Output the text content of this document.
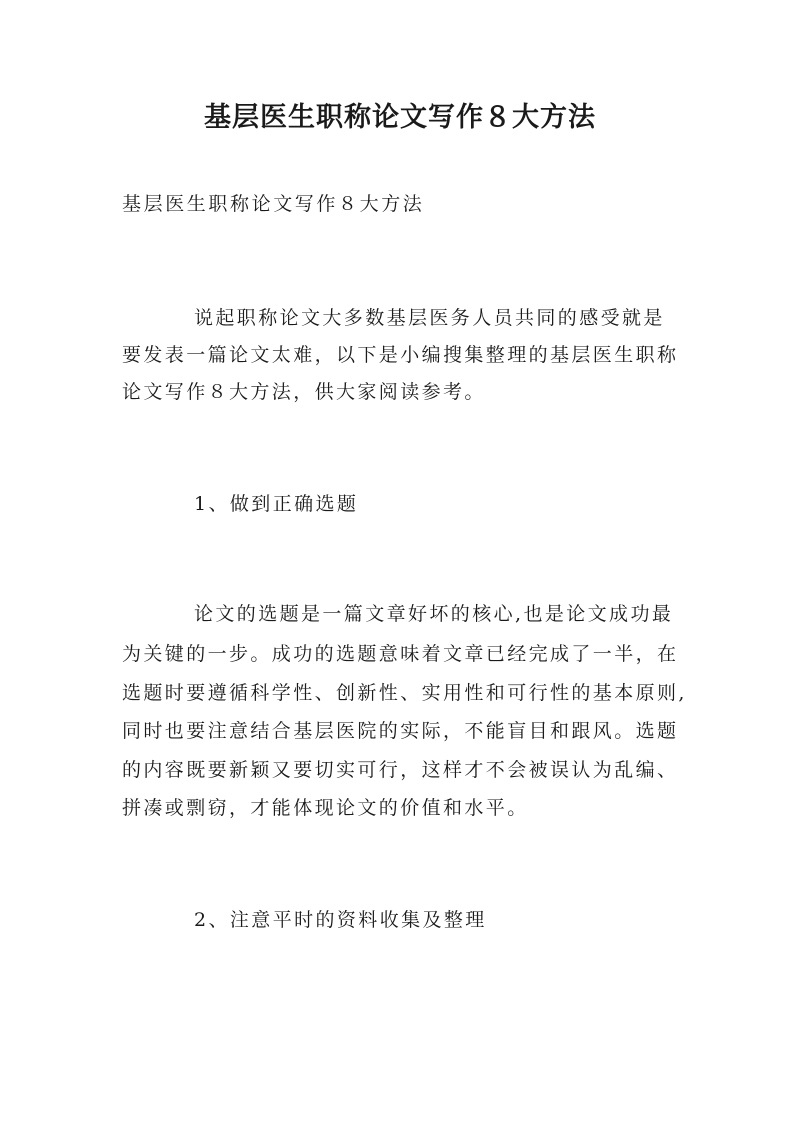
基层医生职称论文写作８大方法
基层医生职称论文写作８大方法
说起职称论文大多数基层医务人员共同的感受就是
要发表一篇论文太难，以下是小编搜集整理的基层医生职称
论文写作８大方法，供大家阅读参考。
1、做到正确选题
论文的选题是一篇文章好坏的核心,也是论文成功最
为关键的一步。成功的选题意味着文章已经完成了一半，在
选题时要遵循科学性、创新性、实用性和可行性的基本原则,
同时也要注意结合基层医院的实际，不能盲目和跟风。选题
的内容既要新颖又要切实可行，这样才不会被误认为乱编、
拼凑或剽窃，才能体现论文的价值和水平。
2、注意平时的资料收集及整理
